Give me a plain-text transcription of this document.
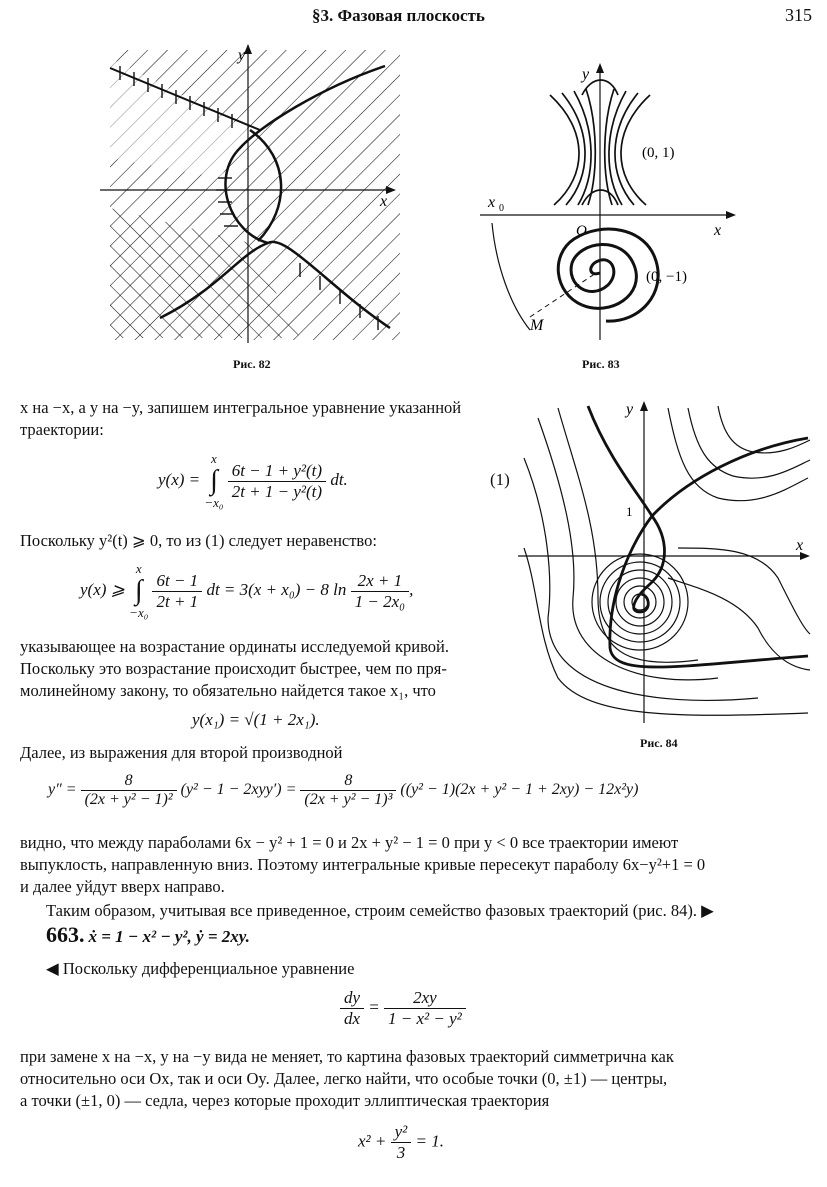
§3. Фазовая плоскость	315
y
x
Рис. 82
y
x
O
x 0
(0, 1)
(0, −1)
M
Рис. 83
y
x
1
Рис. 84
x на −x, а y на −y, запишем интегральное уравнение указанной траектории:
y(x) =
x
∫
−x₀

$\frac{\text{6t − 1 + y²(t)}}{\text{2t + 1 − y²(t)}}$ dt.	(1)
Поскольку y²(t) ⩾ 0, то из (1) следует неравенство:
y(x) ⩾
x
∫
−x₀

$\frac{6t - 1}{2t + 1}$ dt = 3(x + x₀) − 8 $\ln \frac{2x + 1}{\text{1 − 2x₀}}$ ,
указывающее на возрастание ординаты исследуемой кривой.
Поскольку это возрастание происходит быстрее, чем по пря-
молинейному закону, то обязательно найдется такое x₁, что
y(x₁) = √(1 + 2x₁).
Далее, из выражения для второй производной
$y'' = \frac{8}{\text{(2x + y² − 1)²}} (y^2 - 1 - 2xyy') = \frac{8}{\text{(2x + y² − 1)³}} ((y^2 - 1)(2x + y^2 - 1 + 2xy) - 12x^2y)$
видно, что между параболами 6x − y² + 1 = 0 и 2x + y² − 1 = 0 при y < 0 все траектории имеют
выпуклость, направленную вниз. Поэтому интегральные кривые пересекут параболу 6x−y²+1 = 0
и далее уйдут вверх направо.
Таким образом, учитывая все приведенное, строим семейство фазовых траекторий (рис. 84). ▶
663. ẋ = 1 − x² − y², ẏ = 2xy.
◀ Поскольку дифференциальное уравнение
$\frac{dy}{dx} = \frac{2xy}{\text{1 − x² − y²}}$
при замене x на −x, y на −y вида не меняет, то картина фазовых траекторий симметрична как
относительно оси Ox, так и оси Oy. Далее, легко найти, что особые точки (0, ±1) — центры,
а точки (±1, 0) — седла, через которые проходит эллиптическая траектория
$x^2 + \frac{\text{y²}}{3} = 1$.
